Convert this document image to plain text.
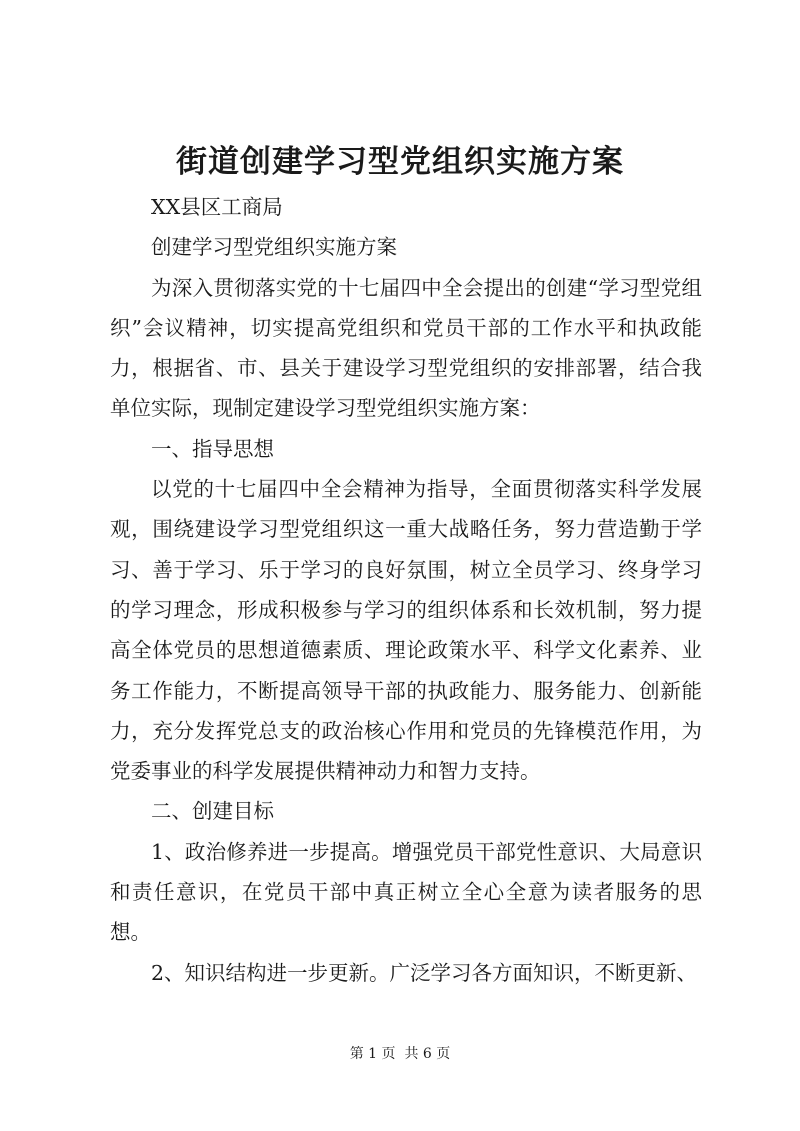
街道创建学习型党组织实施方案

XX县区工商局

创建学习型党组织实施方案

为深入贯彻落实党的十七届四中全会提出的创建“学习型党组织”会议精神，切实提高党组织和党员干部的工作水平和执政能力，根据省、市、县关于建设学习型党组织的安排部署，结合我单位实际，现制定建设学习型党组织实施方案：

一、指导思想

以党的十七届四中全会精神为指导，全面贯彻落实科学发展观，围绕建设学习型党组织这一重大战略任务，努力营造勤于学习、善于学习、乐于学习的良好氛围，树立全员学习、终身学习的学习理念，形成积极参与学习的组织体系和长效机制，努力提高全体党员的思想道德素质、理论政策水平、科学文化素养、业务工作能力，不断提高领导干部的执政能力、服务能力、创新能力，充分发挥党总支的政治核心作用和党员的先锋模范作用，为党委事业的科学发展提供精神动力和智力支持。

二、创建目标

1、政治修养进一步提高。增强党员干部党性意识、大局意识和责任意识，在党员干部中真正树立全心全意为读者服务的思想。

2、知识结构进一步更新。广泛学习各方面知识，不断更新、

第 1 页  共 6 页
